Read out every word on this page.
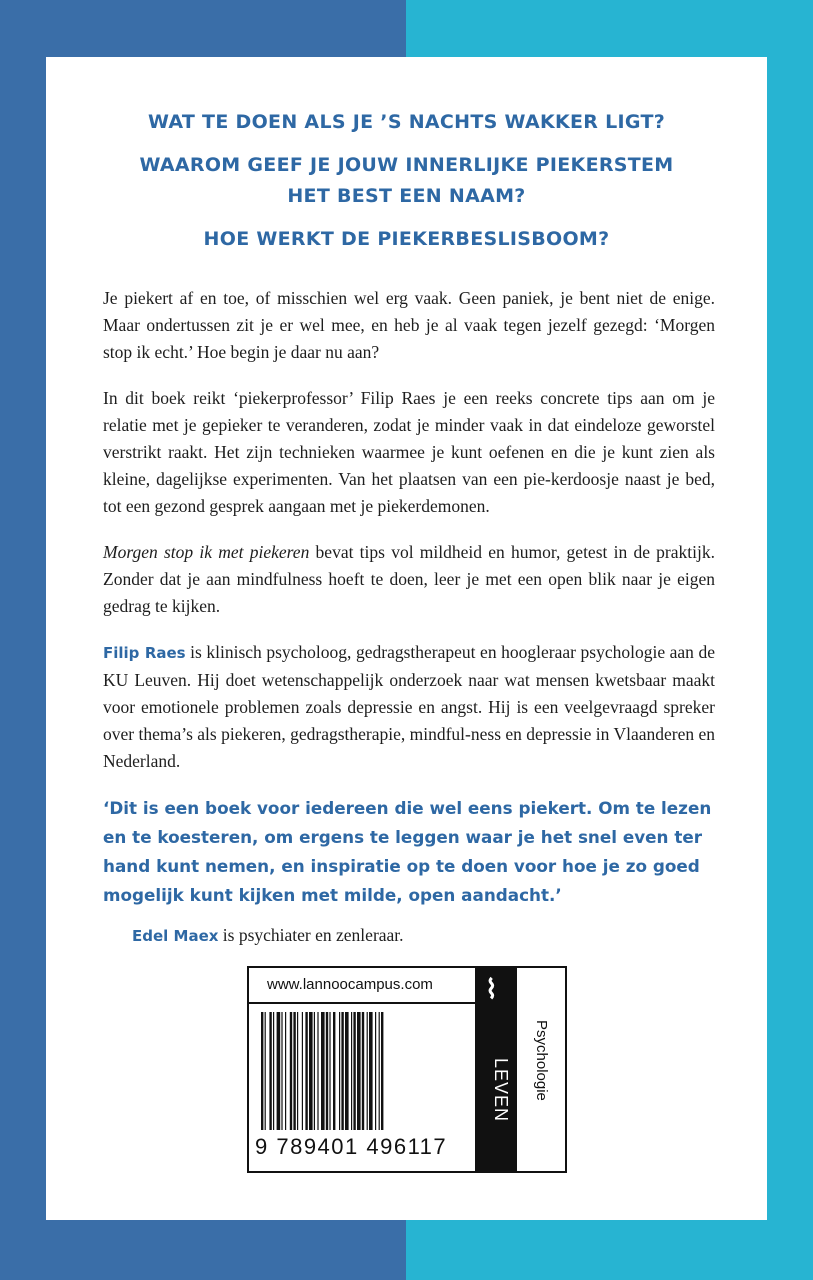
WAT TE DOEN ALS JE ’S NACHTS WAKKER LIGT?
WAAROM GEEF JE JOUW INNERLIJKE PIEKERSTEM
HET BEST EEN NAAM?
HOE WERKT DE PIEKERBESLISBOOM?

Je piekert af en toe, of misschien wel erg vaak. Geen paniek, je bent niet de enige. Maar ondertussen zit je er wel mee, en heb je al vaak tegen jezelf gezegd: ‘Morgen stop ik echt.’ Hoe begin je daar nu aan?

In dit boek reikt ‘piekerprofessor’ Filip Raes je een reeks concrete tips aan om je relatie met je gepieker te veranderen, zodat je minder vaak in dat eindeloze geworstel verstrikt raakt. Het zijn technieken waarmee je kunt oefenen en die je kunt zien als kleine, dagelijkse experimenten. Van het plaatsen van een pie-kerdoosje naast je bed, tot een gezond gesprek aangaan met je piekerdemonen.

Morgen stop ik met piekeren bevat tips vol mildheid en humor, getest in de praktijk. Zonder dat je aan mindfulness hoeft te doen, leer je met een open blik naar je eigen gedrag te kijken.

Filip Raes is klinisch psycholoog, gedragstherapeut en hoogleraar psychologie aan de KU Leuven. Hij doet wetenschappelijk onderzoek naar wat mensen kwetsbaar maakt voor emotionele problemen zoals depressie en angst. Hij is een veelgevraagd spreker over thema’s als piekeren, gedragstherapie, mindful-ness en depressie in Vlaanderen en Nederland.

‘Dit is een boek voor iedereen die wel eens piekert. Om te lezen en te koesteren, om ergens te leggen waar je het snel even ter hand kunt nemen, en inspiratie op te doen voor hoe je zo goed mogelijk kunt kijken met milde, open aandacht.’

Edel Maex is psychiater en zenleraar.
www.lannoocampus.com
9 789401 496117
⌇
LEVEN Psychologie
